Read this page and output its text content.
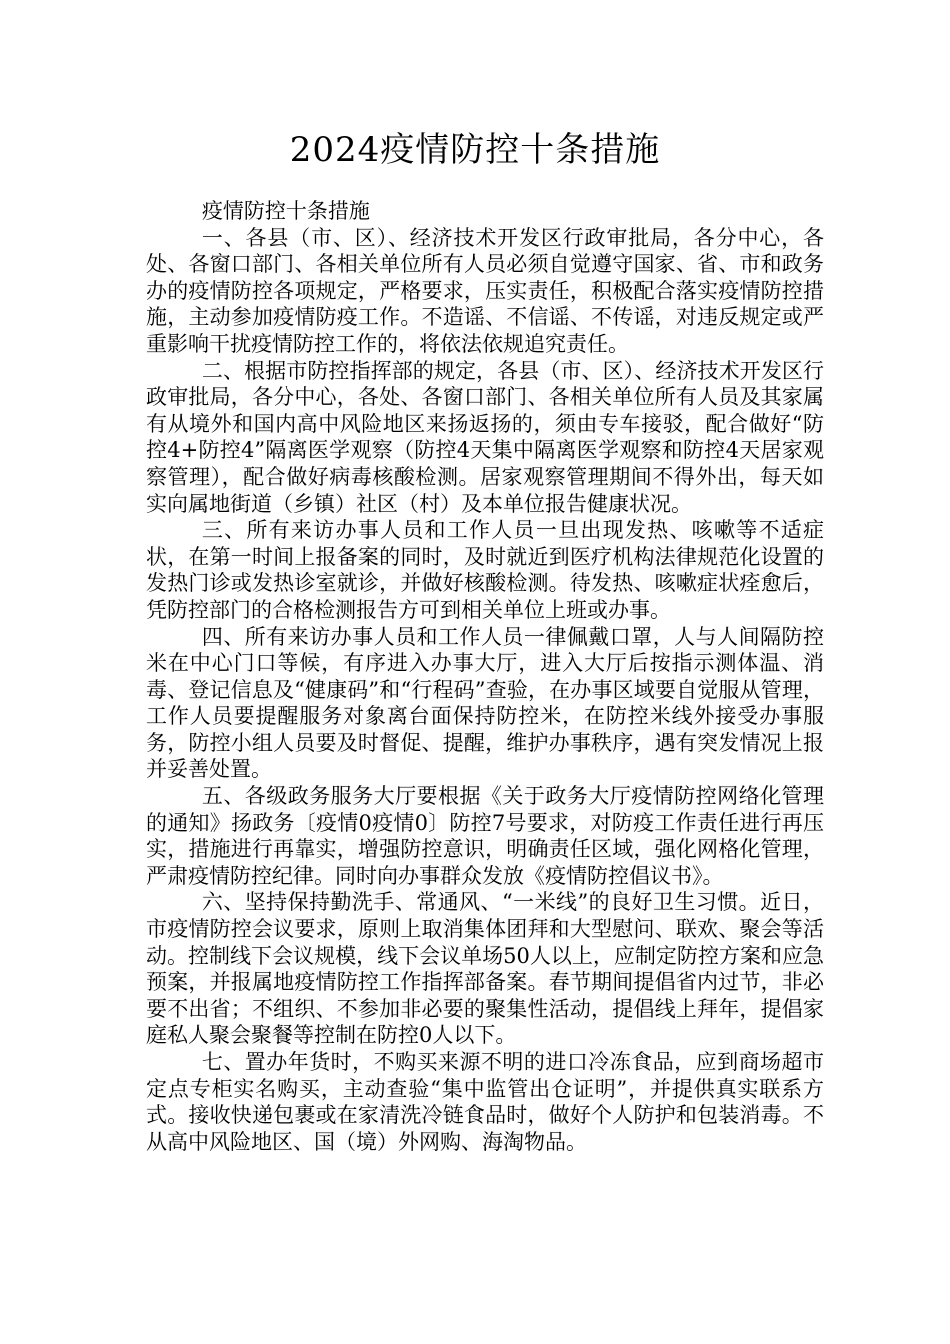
2024疫情防控十条措施

疫情防控十条措施

一、各县（市、区）、经济技术开发区行政审批局，各分中心，各处、各窗口部门、各相关单位所有人员必须自觉遵守国家、省、市和政务办的疫情防控各项规定，严格要求，压实责任，积极配合落实疫情防控措施，主动参加疫情防疫工作。不造谣、不信谣、不传谣，对违反规定或严重影响干扰疫情防控工作的，将依法依规追究责任。

二、根据市防控指挥部的规定，各县（市、区）、经济技术开发区行政审批局，各分中心，各处、各窗口部门、各相关单位所有人员及其家属有从境外和国内高中风险地区来扬返扬的，须由专车接驳，配合做好“防控4+防控4”隔离医学观察（防控4天集中隔离医学观察和防控4天居家观察管理），配合做好病毒核酸检测。居家观察管理期间不得外出，每天如实向属地街道（乡镇）社区（村）及本单位报告健康状况。

三、所有来访办事人员和工作人员一旦出现发热、咳嗽等不适症状，在第一时间上报备案的同时，及时就近到医疗机构法律规范化设置的发热门诊或发热诊室就诊，并做好核酸检测。待发热、咳嗽症状痊愈后，凭防控部门的合格检测报告方可到相关单位上班或办事。

四、所有来访办事人员和工作人员一律佩戴口罩，人与人间隔防控米在中心门口等候，有序进入办事大厅，进入大厅后按指示测体温、消毒、登记信息及“健康码”和“行程码”查验，在办事区域要自觉服从管理，工作人员要提醒服务对象离台面保持防控米，在防控米线外接受办事服务，防控小组人员要及时督促、提醒，维护办事秩序，遇有突发情况上报并妥善处置。

五、各级政务服务大厅要根据《关于政务大厅疫情防控网络化管理的通知》扬政务〔疫情0疫情0〕防控7号要求，对防疫工作责任进行再压实，措施进行再靠实，增强防控意识，明确责任区域，强化网格化管理，严肃疫情防控纪律。同时向办事群众发放《疫情防控倡议书》。

六、坚持保持勤洗手、常通风、“一米线”的良好卫生习惯。近日，市疫情防控会议要求，原则上取消集体团拜和大型慰问、联欢、聚会等活动。控制线下会议规模，线下会议单场50人以上，应制定防控方案和应急预案，并报属地疫情防控工作指挥部备案。春节期间提倡省内过节，非必要不出省；不组织、不参加非必要的聚集性活动，提倡线上拜年，提倡家庭私人聚会聚餐等控制在防控0人以下。

七、置办年货时，不购买来源不明的进口冷冻食品，应到商场超市定点专柜实名购买，主动查验“集中监管出仓证明”，并提供真实联系方式。接收快递包裹或在家清洗冷链食品时，做好个人防护和包装消毒。不从高中风险地区、国（境）外网购、海淘物品。
